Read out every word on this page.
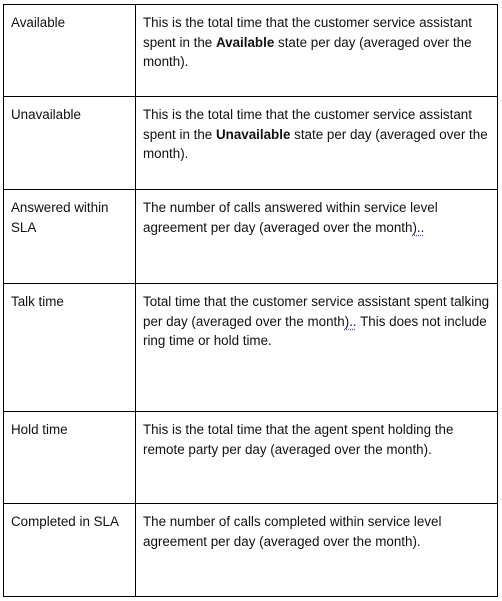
Available	This is the total time that the customer service assistant spent in the Available state per day (averaged over the month).
Unavailable	This is the total time that the customer service assistant spent in the Unavailable state per day (averaged over the month).
Answered within SLA	The number of calls answered within service level agreement per day (averaged over the month)..
Talk time	Total time that the customer service assistant spent talking per day (averaged over the month).. This does not include ring time or hold time.
Hold time	This is the total time that the agent spent holding the remote party per day (averaged over the month).
Completed in SLA	The number of calls completed within service level agreement per day (averaged over the month).
